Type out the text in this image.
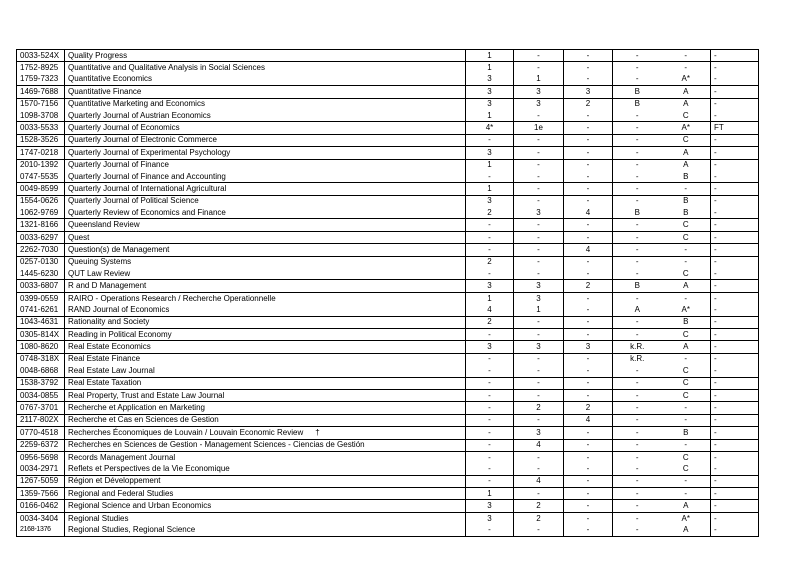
0033-524X	Quality Progress	1	-	-	-	-	-
1752-8925	Quantitative and Qualitative Analysis in Social Sciences	1	-	-	-	-	-
1759-7323	Quantitative Economics	3	1	-	-	A*	-
1469-7688	Quantitative Finance	3	3	3	B	A	-
1570-7156	Quantitative Marketing and Economics	3	3	2	B	A	-
1098-3708	Quarterly Journal of Austrian Economics	1	-	-	-	C	-
0033-5533	Quarterly Journal of Economics	4*	1e	-	-	A*	FT
1528-3526	Quarterly Journal of Electronic Commerce	-	-	-	-	C	-
1747-0218	Quarterly Journal of Experimental Psychology	3	-	-	-	A	-
2010-1392	Quarterly Journal of Finance	1	-	-	-	A	-
0747-5535	Quarterly Journal of Finance and Accounting	-	-	-	-	B	-
0049-8599	Quarterly Journal of International Agricultural	1	-	-	-	-	-
1554-0626	Quarterly Journal of Political Science	3	-	-	-	B	-
1062-9769	Quarterly Review of Economics and Finance	2	3	4	B	B	-
1321-8166	Queensland Review	-	-	-	-	C	-
0033-6297	Quest	-	-	-	-	C	-
2262-7030	Question(s) de Management	-	-	4	-	-	-
0257-0130	Queuing Systems	2	-	-	-	-	-
1445-6230	QUT Law Review	-	-	-	-	C	-
0033-6807	R and D Management	3	3	2	B	A	-
0399-0559	RAIRO - Operations Research / Recherche Operationnelle	1	3	-	-	-	-
0741-6261	RAND Journal of Economics	4	1	-	A	A*	-
1043-4631	Rationality and Society	2	-	-	-	B	-
0305-814X	Reading in Political Economy	-	-	-	-	C	-
1080-8620	Real Estate Economics	3	3	3	k.R.	A	-
0748-318X	Real Estate Finance	-	-	-	k.R.	-	-
0048-6868	Real Estate Law Journal	-	-	-	-	C	-
1538-3792	Real Estate Taxation	-	-	-	-	C	-
0034-0855	Real Property, Trust and Estate Law Journal	-	-	-	-	C	-
0767-3701	Recherche et Application en Marketing	-	2	2	-	-	-
2117-802X	Recherche et Cas en Sciences de Gestion	-	-	4	-	-	-
0770-4518	Recherches Économiques de Louvain / Louvain Economic Review †	-	3	-	-	B	-
2259-6372	Recherches en Sciences de Gestion - Management Sciences - Ciencias de Gestión	-	4	-	-	-	-
0956-5698	Records Management Journal	-	-	-	-	C	-
0034-2971	Reflets et Perspectives de la Vie Economique	-	-	-	-	C	-
1267-5059	Région et Développement	-	4	-	-	-	-
1359-7566	Regional and Federal Studies	1	-	-	-	-	-
0166-0462	Regional Science and Urban Economics	3	2	-	-	A	-
0034-3404	Regional Studies	3	2	-	-	A*	-
2168-1376	Regional Studies, Regional Science	-	-	-	-	A	-
